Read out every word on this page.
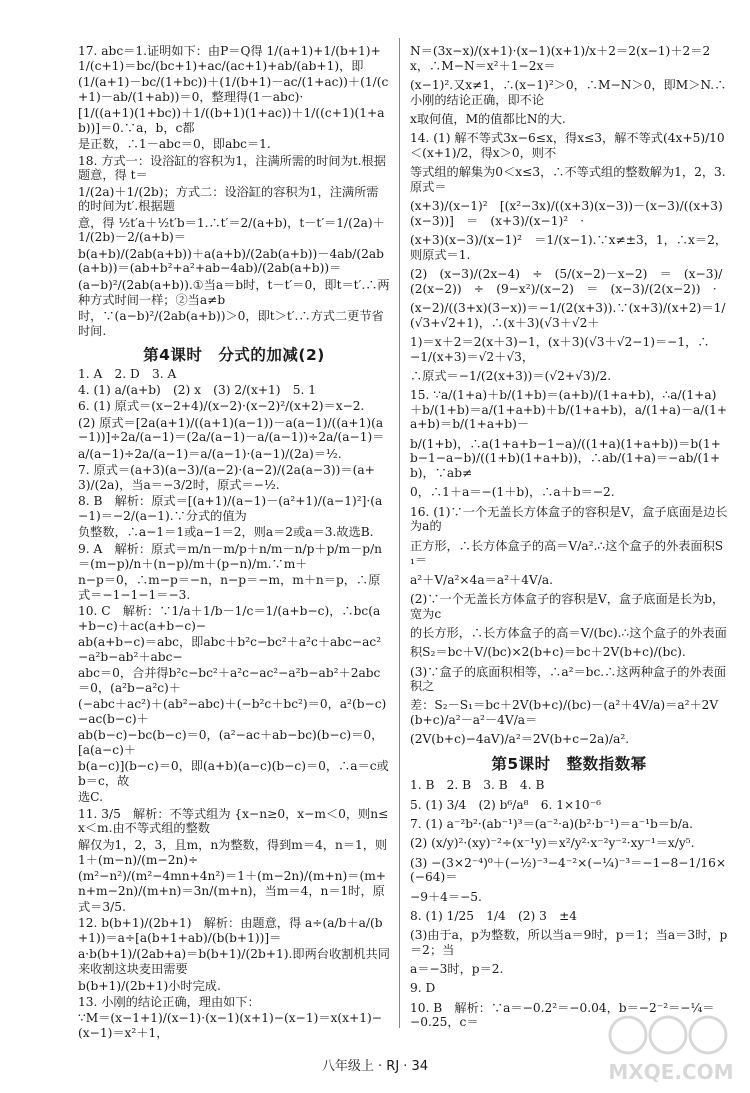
17. abc＝1.证明如下：由P＝Q得 1/(a+1)+1/(b+1)+1/(c+1)＝bc/(bc+1)+ac/(ac+1)+ab/(ab+1)，即

(1/(a+1)－bc/(1+bc))＋(1/(b+1)－ac/(1+ac))＋(1/(c+1)－ab/(1+ab))＝0，整理得(1－abc)·

[1/((a+1)(1+bc))＋1/((b+1)(1+ac))＋1/((c+1)(1+ab))]＝0.∵a，b，c都

是正数，∴1－abc＝0，即abc＝1.

18. 方式一：设浴缸的容积为1，注满所需的时间为t.根据题意，得 t＝

1/(2a)＋1/(2b)；方式二：设浴缸的容积为1，注满所需的时间为t′.根据题

意，得 ½t′a＋½t′b＝1.∴t′＝2/(a+b)，t－t′＝1/(2a)＋1/(2b)－2/(a+b)＝

b(a+b)/(2ab(a+b))＋a(a+b)/(2ab(a+b))－4ab/(2ab(a+b))＝(ab+b²+a²+ab−4ab)/(2ab(a+b))＝

(a−b)²/(2ab(a+b)).①当a＝b时，t－t′＝0，即t＝t′.∴两种方式时间一样；②当a≠b

时，∵(a−b)²/(2ab(a+b))＞0，即t＞t′.∴方式二更节省时间.

第4课时　分式的加减(2)

1. A　2. D　3. A

4. (1) a/(a+b)　(2) x　(3) 2/(x+1)　5. 1

6. (1) 原式＝(x−2+4)/(x−2)·(x−2)²/(x+2)＝x−2.

(2) 原式＝[2a(a+1)/((a+1)(a−1))－a(a−1)/((a+1)(a−1))]÷2a/(a−1)＝(2a/(a−1)－a/(a−1))÷2a/(a−1)＝

a/(a−1)÷2a/(a−1)＝a/(a−1)·(a−1)/(2a)＝½.

7. 原式＝(a+3)(a−3)/(a−2)·(a−2)/(2a(a−3))＝(a+3)/(2a)，当a＝−3/2时，原式＝−½.

8. B　解析：原式＝[(a+1)/(a−1)－(a²+1)/(a−1)²]·(a−1)＝−2/(a−1).∵分式的值为

负整数，∴a−1＝1或a−1＝2，则a＝2或a＝3.故选B.

9. A　解析：原式＝m/n－m/p＋n/m－n/p＋p/m－p/n＝(m−p)/n＋(n−p)/m＋(p−n)/m.∵m＋

n−p＝0，∴m−p＝−n，n−p＝−m，m＋n＝p，∴原式＝−1−1−1＝−3.

10. C　解析：∵1/a＋1/b－1/c＝1/(a+b−c)，∴bc(a+b−c)＋ac(a+b−c)−

ab(a+b−c)＝abc，即abc＋b²c−bc²＋a²c＋abc−ac²−a²b−ab²＋abc−

abc＝0，合并得b²c−bc²＋a²c−ac²−a²b−ab²＋2abc＝0，(a²b−a²c)＋

(−abc＋ac²)＋(ab²−abc)＋(−b²c＋bc²)＝0，a²(b−c)−ac(b−c)＋

ab(b−c)−bc(b−c)＝0，(a²−ac＋ab−bc)(b−c)＝0，[a(a−c)＋

b(a−c)](b−c)＝0，即(a+b)(a−c)(b−c)＝0，∴a＝c或b＝c，故

选C.

11. 3/5　解析：不等式组为 {x−n≥0，x−m＜0，则n≤x＜m.由不等式组的整数

解仅为1，2，3，且m，n为整数，得到m＝4，n＝1，则1＋(m−n)/(m−2n)÷

(m²−n²)/(m²−4mn+4n²)＝1＋(m−2n)/(m+n)＝(m+n+m−2n)/(m+n)＝3n/(m+n)，当m＝4，n＝1时，原

式＝3/5.

12. b(b+1)/(2b+1)　解析：由题意，得 a÷(a/b＋a/(b+1))＝a÷[a(b+1+ab)/(b(b+1))]＝

a·b(b+1)/(2ab+a)＝b(b+1)/(2b+1).即两台收割机共同来收割这块麦田需要

b(b+1)/(2b+1)小时完成.

13. 小刚的结论正确，理由如下：

∵M＝(x−1+1)/(x−1)·(x−1)(x+1)−(x−1)＝x(x+1)−(x−1)＝x²＋1，

N＝(3x−x)/(x+1)·(x−1)(x+1)/x＋2＝2(x−1)＋2＝2x，∴M−N＝x²＋1−2x＝

(x−1)².又x≠1，∴(x−1)²＞0，∴M−N＞0，即M＞N.∴小刚的结论正确，即不论

x取何值，M的值都比N的大.

14. (1) 解不等式3x−6≤x，得x≤3，解不等式(4x+5)/10＜(x+1)/2，得x＞0，则不

等式组的解集为0＜x≤3，∴不等式组的整数解为1，2，3.原式＝

(x+3)/(x−1)²　[(x²−3x)/((x+3)(x−3))－(x−3)/((x+3)(x−3))]　＝　(x+3)/(x−1)²　·

(x+3)(x−3)/(x−1)²　＝1/(x−1).∵x≠±3，1，∴x＝2，则原式＝1.

(2)　(x−3)/(2x−4)　÷　(5/(x−2)－x−2)　＝　(x−3)/(2(x−2))　÷　(9−x²)/(x−2)　＝　(x−3)/(2(x−2))　·

(x−2)/((3+x)(3−x))＝−1/(2(x+3)).∵(x+3)/(x+2)＝1/(√3+√2+1)，∴(x＋3)(√3＋√2＋

1)＝x＋2＝2(x＋3)−1，(x＋3)(√3＋√2−1)＝−1，∴−1/(x+3)＝√2＋√3，

∴原式＝−1/(2(x+3))＝(√2+√3)/2.

15. ∵a/(1+a)＋b/(1+b)＝(a+b)/(1+a+b)，∴a/(1+a)＋b/(1+b)＝a/(1+a+b)＋b/(1+a+b)，a/(1+a)－a/(1+a+b)＝b/(1+a+b)－

b/(1+b)，∴a(1+a+b−1−a)/((1+a)(1+a+b))＝b(1+b−1−a−b)/((1+b)(1+a+b))，∴ab/(1+a)＝−ab/(1+b)，∵ab≠

0，∴1＋a＝−(1＋b)，∴a＋b＝−2.

16. (1)∵一个无盖长方体盒子的容积是V，盒子底面是边长为a的

正方形，∴长方体盒子的高＝V/a².∴这个盒子的外表面积S₁＝

a²＋V/a²×4a＝a²＋4V/a.

(2)∵一个无盖长方体盒子的容积是V，盒子底面是长为b，宽为c

的长方形，∴长方体盒子的高＝V/(bc).∴这个盒子的外表面

积S₂＝bc＋V/(bc)×2(b+c)＝bc＋2V(b+c)/(bc).

(3)∵盒子的底面积相等，∴a²＝bc.∴这两种盒子的外表面积之

差：S₂－S₁＝bc＋2V(b+c)/(bc)－(a²＋4V/a)＝a²＋2V(b+c)/a²－a²－4V/a＝

(2V(b+c)−4aV)/a²＝2V(b+c−2a)/a².

第5课时　整数指数幂

1. B　2. B　3. B　4. B

5. (1) 3/4　(2) b⁶/a⁸　6. 1×10⁻⁶

7. (1) a⁻²b²·(ab⁻¹)³＝(a⁻²·a)(b²·b⁻¹)＝a⁻¹b＝b/a.

(2) (x/y)²·(xy)⁻²÷(x⁻¹y)＝x²/y²·x⁻²y⁻²·xy⁻¹＝x/y⁵.

(3) −(3×2⁻⁴)⁰＋(−½)⁻³−4⁻²×(−¼)⁻³＝−1−8−1/16×(−64)＝

−9＋4＝−5.

8. (1) 1/25　1/4　(2) 3　±4

(3)由于a，p为整数，所以当a＝9时，p＝1；当a＝3时，p＝2；当

a＝−3时，p＝2.

9. D

10. B　解析：∵a＝−0.2²＝−0.04，b＝−2⁻²＝−¼＝−0.25，c＝

八年级上 · RJ · 34	MXQE.COM
